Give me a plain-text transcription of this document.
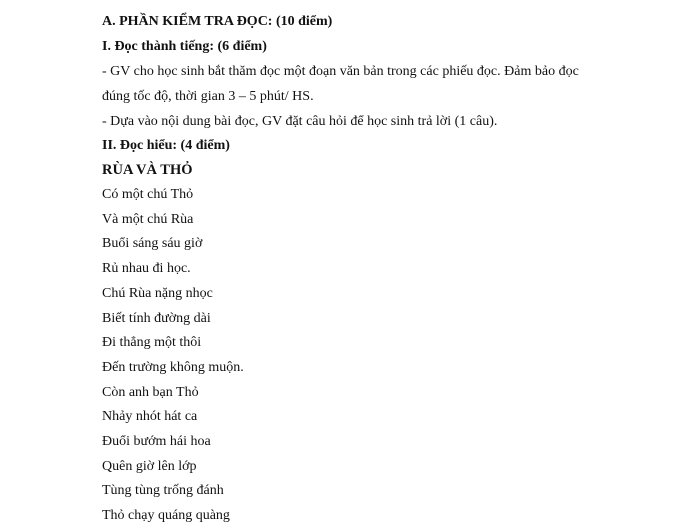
A. PHẦN KIỂM TRA ĐỌC: (10 điểm)
I. Đọc thành tiếng: (6 điểm)
- GV cho học sinh bắt thăm đọc một đoạn văn bản trong các phiếu đọc. Đảm bảo đọc
đúng tốc độ, thời gian 3 – 5 phút/ HS.
- Dựa vào nội dung bài đọc, GV đặt câu hỏi để học sinh trả lời (1 câu).
II. Đọc hiểu: (4 điểm)
RÙA VÀ THỎ
Có một chú Thỏ
Và một chú Rùa
Buổi sáng sáu giờ
Rủ nhau đi học.
Chú Rùa nặng nhọc
Biết tính đường dài
Đi thẳng một thôi
Đến trường không muộn.
Còn anh bạn Thỏ
Nhảy nhót hát ca
Đuổi bướm hái hoa
Quên giờ lên lớp
Tùng tùng trống đánh
Thỏ chạy quáng quàng
